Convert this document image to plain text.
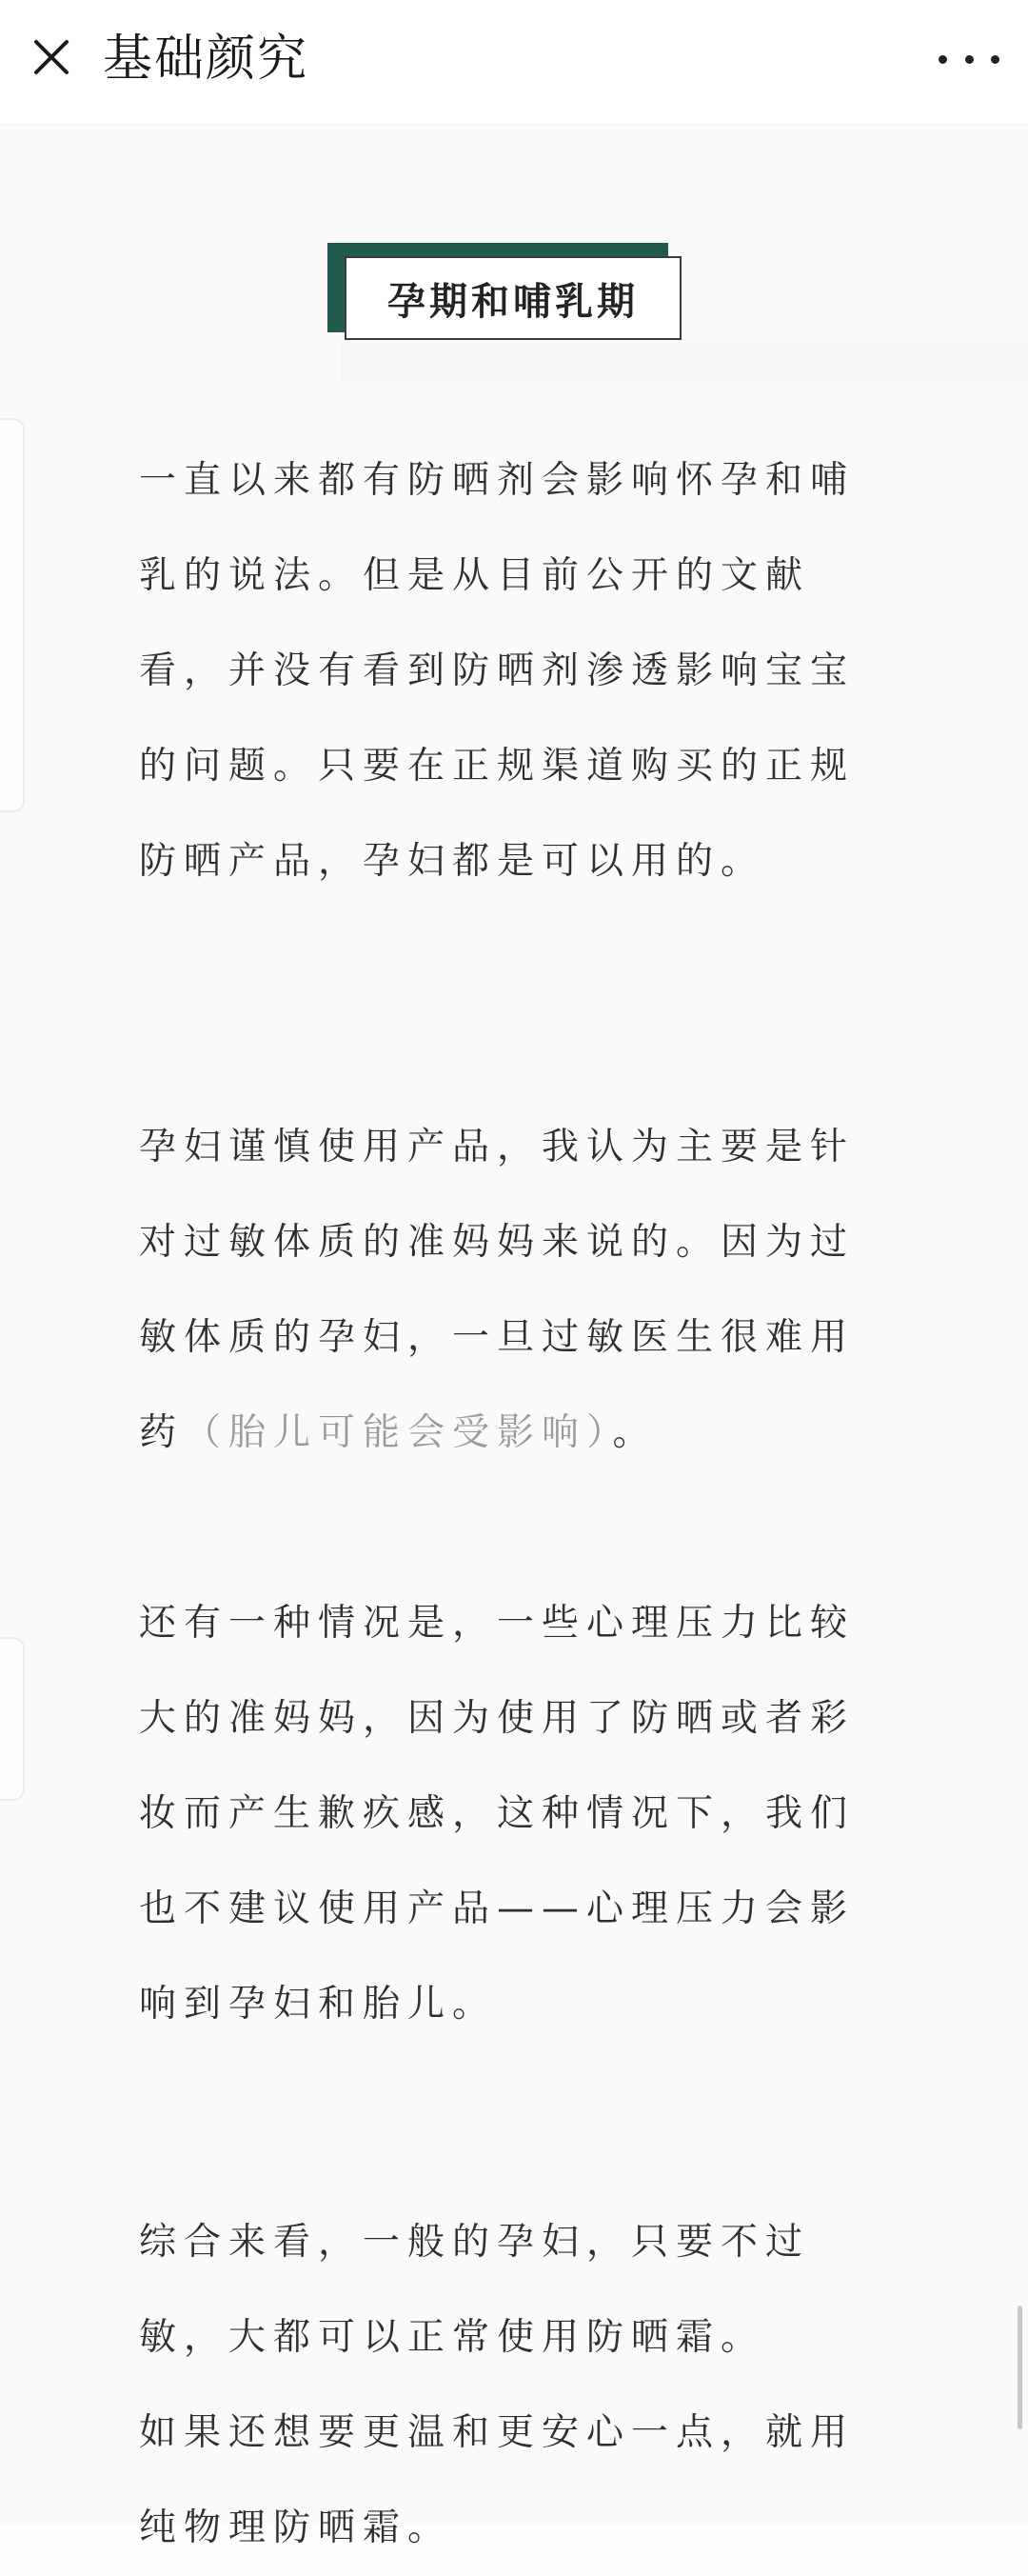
基础颜究
孕期和哺乳期

一直以来都有防晒剂会影响怀孕和哺乳的说法。但是从目前公开的文献看，并没有看到防晒剂渗透影响宝宝的问题。只要在正规渠道购买的正规防晒产品，孕妇都是可以用的。

孕妇谨慎使用产品，我认为主要是针对过敏体质的准妈妈来说的。因为过敏体质的孕妇，一旦过敏医生很难用药（胎儿可能会受影响）。

还有一种情况是，一些心理压力比较大的准妈妈，因为使用了防晒或者彩妆而产生歉疚感，这种情况下，我们也不建议使用产品——心理压力会影响到孕妇和胎儿。

综合来看，一般的孕妇，只要不过敏，大都可以正常使用防晒霜。

如果还想要更温和更安心一点，就用纯物理防晒霜。
